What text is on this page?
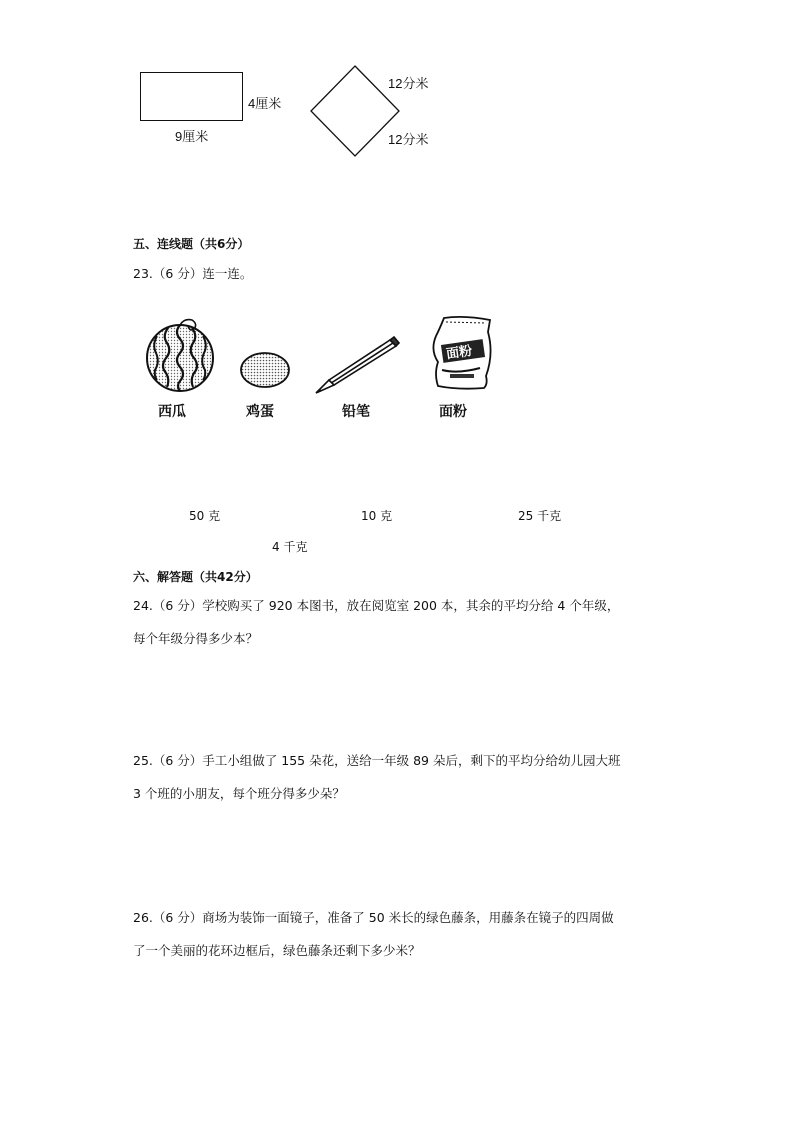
4厘米
9厘米
12分米
12分米
五、连线题（共6分）
23.（6 分）连一连。
面粉
西瓜	鸡蛋	铅笔	面粉
50 克	10 克	25 千克
4 千克
六、解答题（共42分）
24.（6 分）学校购买了 920 本图书，放在阅览室 200 本，其余的平均分给 4 个年级，
每个年级分得多少本？
25.（6 分）手工小组做了 155 朵花，送给一年级 89 朵后，剩下的平均分给幼儿园大班
3 个班的小朋友，每个班分得多少朵？
26.（6 分）商场为装饰一面镜子，准备了 50 米长的绿色藤条，用藤条在镜子的四周做
了一个美丽的花环边框后，绿色藤条还剩下多少米？
